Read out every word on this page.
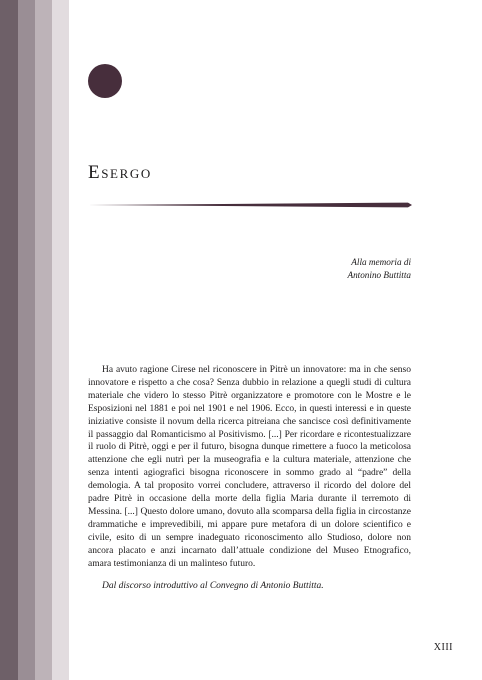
Esergo
Alla memoria di
Antonino Buttitta

Ha avuto ragione Cirese nel riconoscere in Pitrè un innovatore: ma in che senso innovatore e rispetto a che cosa? Senza dubbio in relazione a quegli studi di cultura materiale che videro lo stesso Pitrè organizzatore e promotore con le Mostre e le Esposizioni nel 1881 e poi nel 1901 e nel 1906. Ecco, in questi interessi e in queste iniziative consiste il novum della ricerca pitreiana che sancisce così definitivamente il passaggio dal Romanticismo al Positivismo. [...] Per ricordare e ricontestualizzare il ruolo di Pitrè, oggi e per il futuro, bisogna dunque rimettere a fuoco la meticolosa attenzione che egli nutrì per la museografia e la cultura materiale, attenzione che senza intenti agiografici bisogna riconoscere in sommo grado al “padre” della demologia. A tal proposito vorrei concludere, attraverso il ricordo del dolore del padre Pitrè in occasione della morte della figlia Maria durante il terremoto di Messina. [...] Questo dolore umano, dovuto alla scomparsa della figlia in circostanze drammatiche e imprevedibili, mi appare pure metafora di un dolore scientifico e civile, esito di un sempre inadeguato riconoscimento allo Studioso, dolore non ancora placato e anzi incarnato dall’attuale condizione del Museo Etnografico, amara testimonianza di un malinteso futuro.

Dal discorso introduttivo al Convegno di Antonio Buttitta.
XIII
